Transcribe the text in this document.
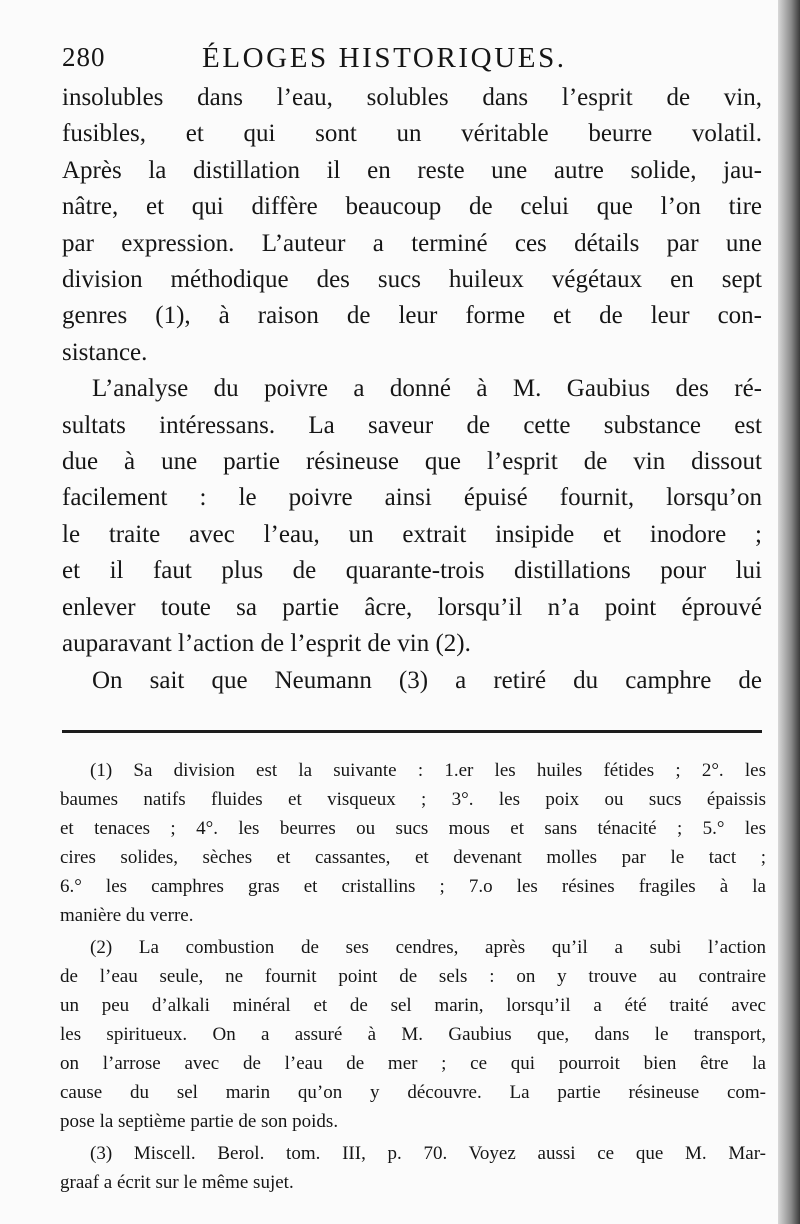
280	ÉLOGES HISTORIQUES.
insolubles dans l’eau, solubles dans l’esprit de vin,
fusibles, et qui sont un véritable beurre volatil.
Après la distillation il en reste une autre solide, jau-
nâtre, et qui diffère beaucoup de celui que l’on tire
par expression. L’auteur a terminé ces détails par une
division méthodique des sucs huileux végétaux en sept
genres (1), à raison de leur forme et de leur con-
sistance.
L’analyse du poivre a donné à M. Gaubius des ré-
sultats intéressans. La saveur de cette substance est
due à une partie résineuse que l’esprit de vin dissout
facilement : le poivre ainsi épuisé fournit, lorsqu’on
le traite avec l’eau, un extrait insipide et inodore ;
et il faut plus de quarante-trois distillations pour lui
enlever toute sa partie âcre, lorsqu’il n’a point éprouvé
auparavant l’action de l’esprit de vin (2).
On sait que Neumann (3) a retiré du camphre de
(1) Sa division est la suivante : 1.er les huiles fétides ; 2°. les
baumes natifs fluides et visqueux ; 3°. les poix ou sucs épaissis
et tenaces ; 4°. les beurres ou sucs mous et sans ténacité ; 5.° les
cires solides, sèches et cassantes, et devenant molles par le tact ;
6.° les camphres gras et cristallins ; 7.o les résines fragiles à la
manière du verre.
(2) La combustion de ses cendres, après qu’il a subi l’action
de l’eau seule, ne fournit point de sels : on y trouve au contraire
un peu d’alkali minéral et de sel marin, lorsqu’il a été traité avec
les spiritueux. On a assuré à M. Gaubius que, dans le transport,
on l’arrose avec de l’eau de mer ; ce qui pourroit bien être la
cause du sel marin qu’on y découvre. La partie résineuse com-
pose la septième partie de son poids.
(3) Miscell. Berol. tom. III, p. 70. Voyez aussi ce que M. Mar-
graaf a écrit sur le même sujet.
